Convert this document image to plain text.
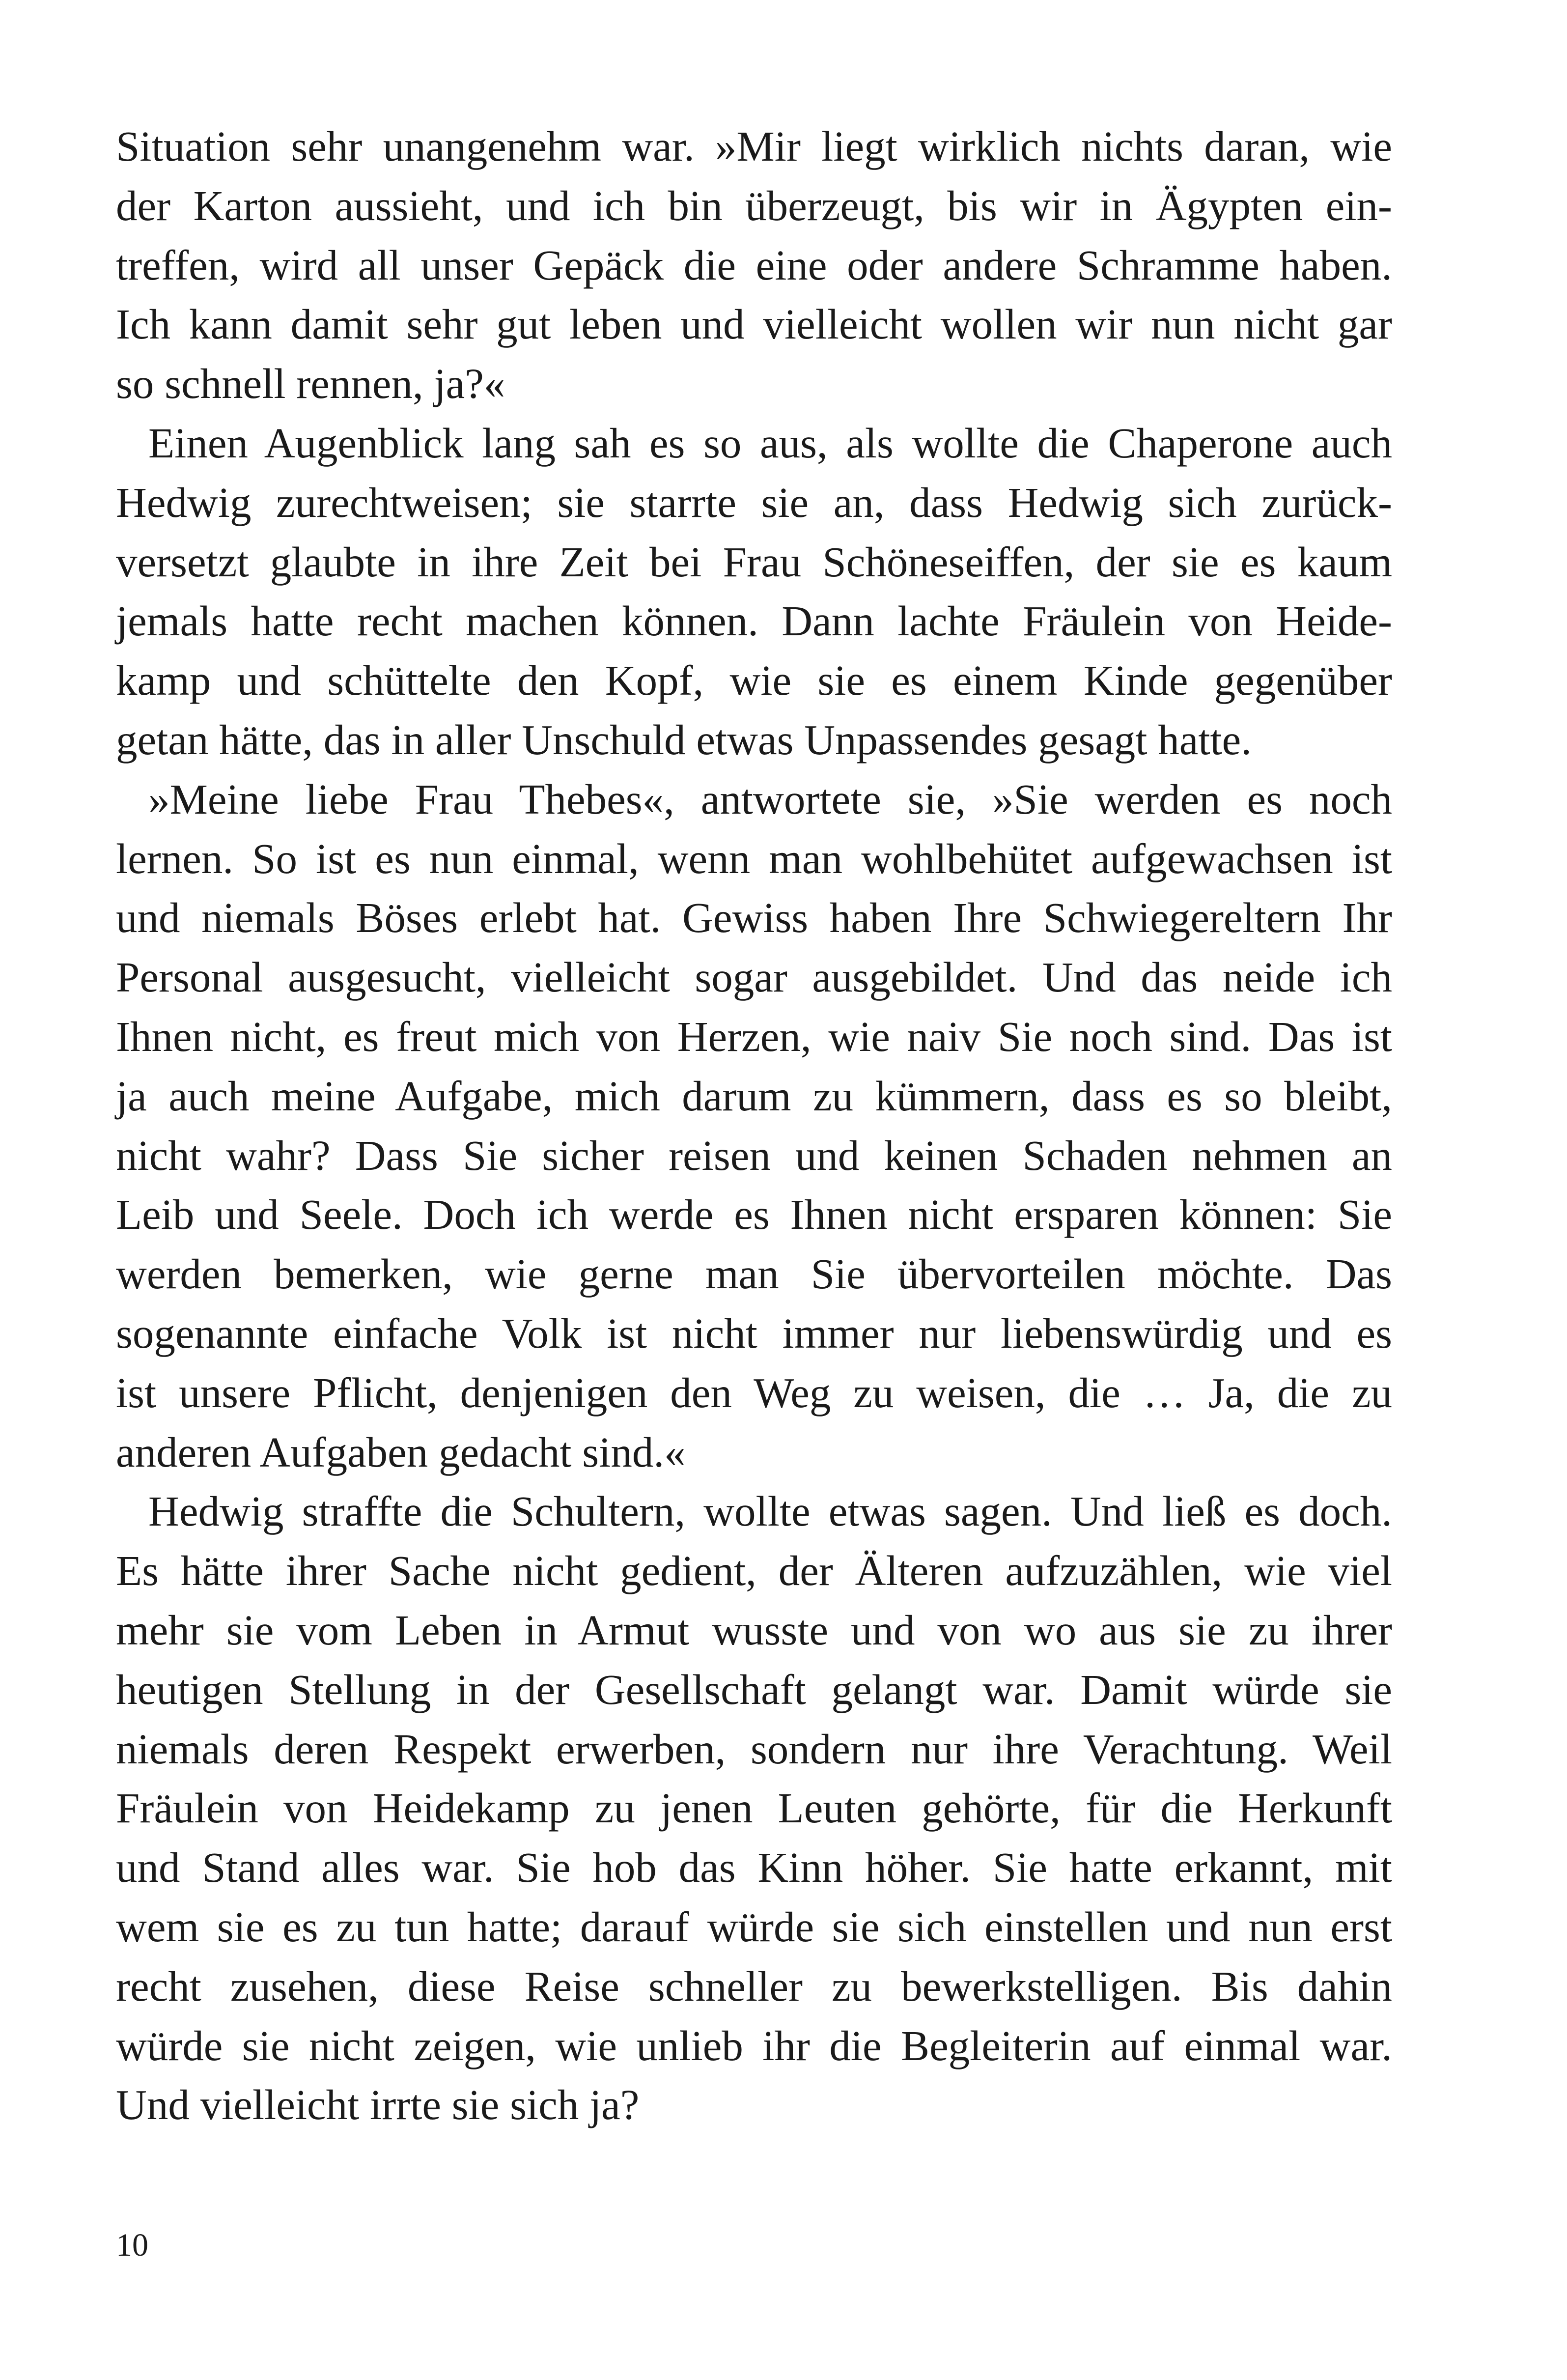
Situation sehr unangenehm war. »Mir liegt wirklich nichts daran, wie
der Karton aussieht, und ich bin überzeugt, bis wir in Ägypten ein-
treffen, wird all unser Gepäck die eine oder andere Schramme haben.
Ich kann damit sehr gut leben und vielleicht wollen wir nun nicht gar
so schnell rennen, ja?«

Einen Augenblick lang sah es so aus, als wollte die Chaperone auch
Hedwig zurechtweisen; sie starrte sie an, dass Hedwig sich zurück-
versetzt glaubte in ihre Zeit bei Frau Schöneseiffen, der sie es kaum
jemals hatte recht machen können. Dann lachte Fräulein von Heide-
kamp und schüttelte den Kopf, wie sie es einem Kinde gegenüber
getan hätte, das in aller Unschuld etwas Unpassendes gesagt hatte.

»Meine liebe Frau Thebes«, antwortete sie, »Sie werden es noch
lernen. So ist es nun einmal, wenn man wohlbehütet aufgewachsen ist
und niemals Böses erlebt hat. Gewiss haben Ihre Schwiegereltern Ihr
Personal ausgesucht, vielleicht sogar ausgebildet. Und das neide ich
Ihnen nicht, es freut mich von Herzen, wie naiv Sie noch sind. Das ist
ja auch meine Aufgabe, mich darum zu kümmern, dass es so bleibt,
nicht wahr? Dass Sie sicher reisen und keinen Schaden nehmen an
Leib und Seele. Doch ich werde es Ihnen nicht ersparen können: Sie
werden bemerken, wie gerne man Sie übervorteilen möchte. Das
sogenannte einfache Volk ist nicht immer nur liebenswürdig und es
ist unsere Pflicht, denjenigen den Weg zu weisen, die … Ja, die zu
anderen Aufgaben gedacht sind.«

Hedwig straffte die Schultern, wollte etwas sagen. Und ließ es doch.
Es hätte ihrer Sache nicht gedient, der Älteren aufzuzählen, wie viel
mehr sie vom Leben in Armut wusste und von wo aus sie zu ihrer
heutigen Stellung in der Gesellschaft gelangt war. Damit würde sie
niemals deren Respekt erwerben, sondern nur ihre Verachtung. Weil
Fräulein von Heidekamp zu jenen Leuten gehörte, für die Herkunft
und Stand alles war. Sie hob das Kinn höher. Sie hatte erkannt, mit
wem sie es zu tun hatte; darauf würde sie sich einstellen und nun erst
recht zusehen, diese Reise schneller zu bewerkstelligen. Bis dahin
würde sie nicht zeigen, wie unlieb ihr die Begleiterin auf einmal war.
Und vielleicht irrte sie sich ja?

10
